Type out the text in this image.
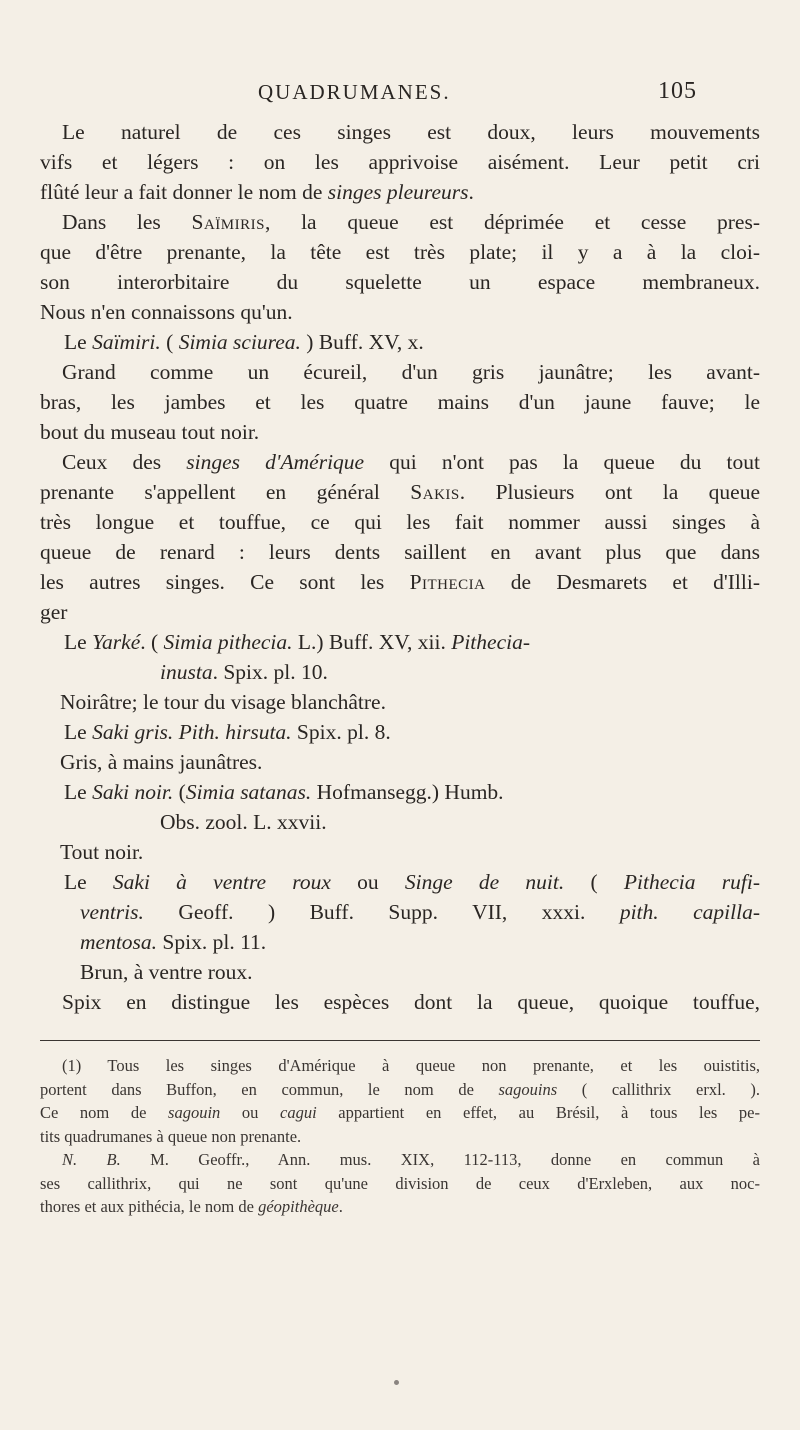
QUADRUMANES.	105

Le naturel de ces singes est doux, leurs mouvements

vifs et légers : on les apprivoise aisément. Leur petit cri

flûté leur a fait donner le nom de singes pleureurs.

Dans les Saïmiris, la queue est déprimée et cesse pres-

que d'être prenante, la tête est très plate; il y a à la cloi-

son interorbitaire du squelette un espace membraneux.

Nous n'en connaissons qu'un.

Le Saïmiri. ( Simia sciurea. ) Buff. XV, x.

Grand comme un écureil, d'un gris jaunâtre; les avant-

bras, les jambes et les quatre mains d'un jaune fauve; le

bout du museau tout noir.

Ceux des singes d'Amérique qui n'ont pas la queue du tout

prenante s'appellent en général Sakis. Plusieurs ont la queue

très longue et touffue, ce qui les fait nommer aussi singes à

queue de renard : leurs dents saillent en avant plus que dans

les autres singes. Ce sont les Pithecia de Desmarets et d'Illi-

ger

Le Yarké. ( Simia pithecia. L.) Buff. XV, xii. Pithecia-

inusta. Spix. pl. 10.

Noirâtre; le tour du visage blanchâtre.

Le Saki gris. Pith. hirsuta. Spix. pl. 8.

Gris, à mains jaunâtres.

Le Saki noir. (Simia satanas. Hofmansegg.) Humb.

Obs. zool. L. xxvii.

Tout noir.

Le Saki à ventre roux ou Singe de nuit. ( Pithecia rufi-

ventris. Geoff. ) Buff. Supp. VII, xxxi. pith. capilla-

mentosa. Spix. pl. 11.

Brun, à ventre roux.

Spix en distingue les espèces dont la queue, quoique touffue,

(1) Tous les singes d'Amérique à queue non prenante, et les ouistitis,

portent dans Buffon, en commun, le nom de sagouins ( callithrix erxl. ).

Ce nom de sagouin ou cagui appartient en effet, au Brésil, à tous les pe-

tits quadrumanes à queue non prenante.

N. B. M. Geoffr., Ann. mus. XIX, 112-113, donne en commun à

ses callithrix, qui ne sont qu'une division de ceux d'Erxleben, aux noc-

thores et aux pithécia, le nom de géopithèque.
